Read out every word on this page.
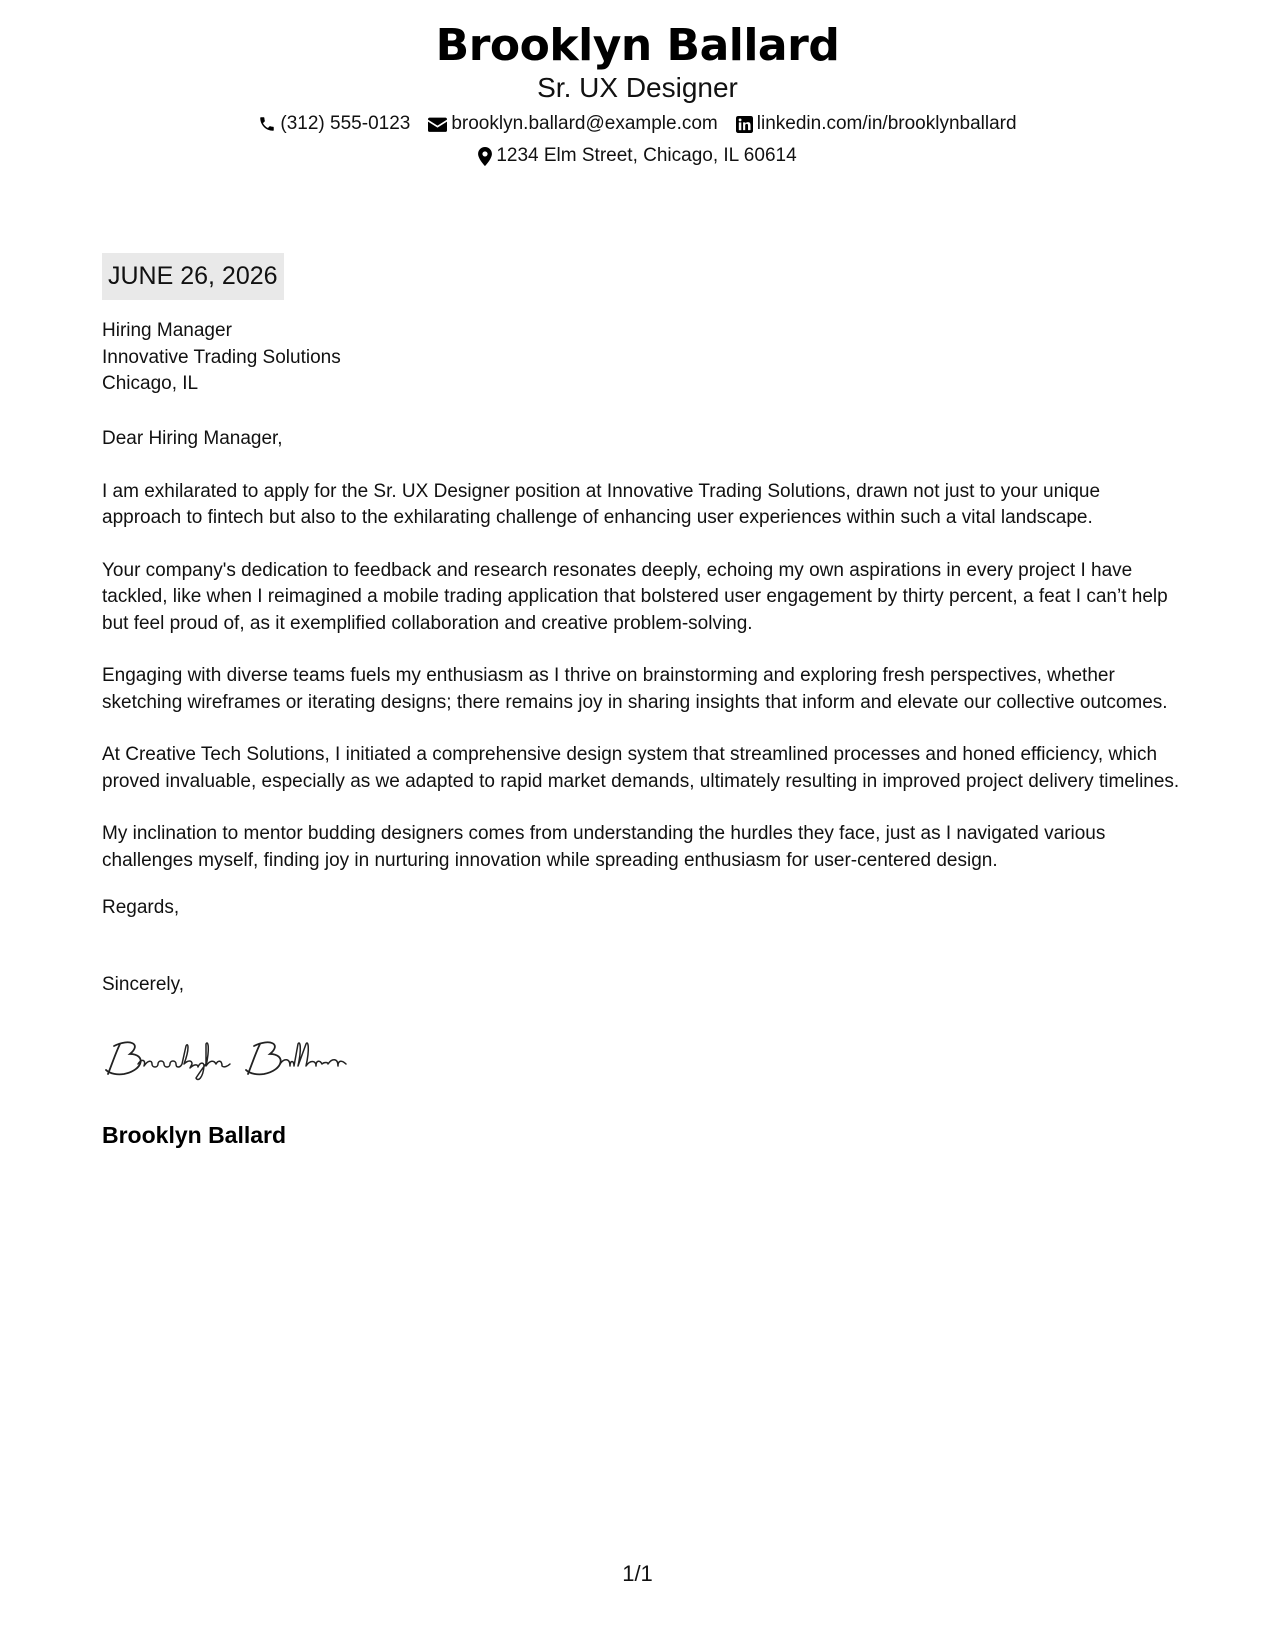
Brooklyn Ballard
Sr. UX Designer
(312) 555-0123 brooklyn.ballard@example.com linkedin.com/in/brooklynballard
1234 Elm Street, Chicago, IL 60614
JUNE 26, 2026
Hiring Manager
Innovative Trading Solutions
Chicago, IL

Dear Hiring Manager,

I am exhilarated to apply for the Sr. UX Designer position at Innovative Trading Solutions, drawn not just to your unique approach to fintech but also to the exhilarating challenge of enhancing user experiences within such a vital landscape.

Your company's dedication to feedback and research resonates deeply, echoing my own aspirations in every project I have tackled, like when I reimagined a mobile trading application that bolstered user engagement by thirty percent, a feat I can’t help but feel proud of, as it exemplified collaboration and creative problem-solving.

Engaging with diverse teams fuels my enthusiasm as I thrive on brainstorming and exploring fresh perspectives, whether sketching wireframes or iterating designs; there remains joy in sharing insights that inform and elevate our collective outcomes.

At Creative Tech Solutions, I initiated a comprehensive design system that streamlined processes and honed efficiency, which proved invaluable, especially as we adapted to rapid market demands, ultimately resulting in improved project delivery timelines.

My inclination to mentor budding designers comes from understanding the hurdles they face, just as I navigated various challenges myself, finding joy in nurturing innovation while spreading enthusiasm for user-centered design.

Regards,
Sincerely,
Brooklyn Ballard
1/1
